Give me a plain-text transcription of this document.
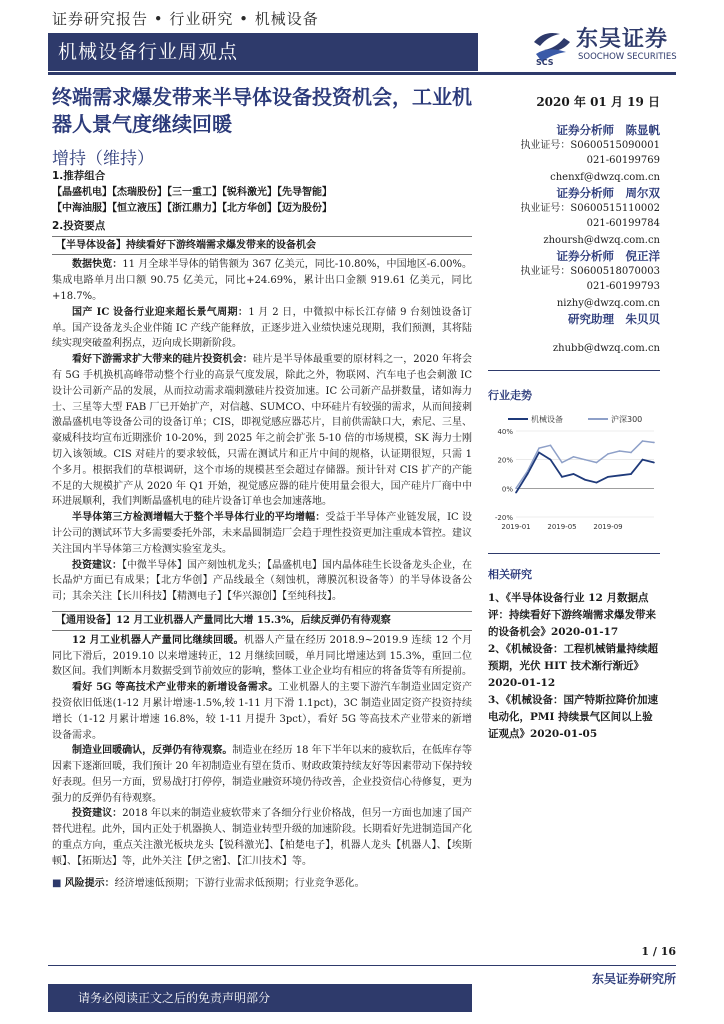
证券研究报告 • 行业研究 • 机械设备
机械设备行业周观点	SCS
东吴证券
SOOCHOW SECURITIES
终端需求爆发带来半导体设备投资机会，工业机器人景气度继续回暖
增持（维持）
1.推荐组合
【晶盛机电】【杰瑞股份】【三一重工】【锐科激光】【先导智能】
【中海油服】【恒立液压】【浙江鼎力】【北方华创】【迈为股份】
2.投资要点
【半导体设备】持续看好下游终端需求爆发带来的设备机会
数据快览：11 月全球半导体的销售额为 367 亿美元，同比-10.80%，中国地区-6.00%。集成电路单月出口额 90.75 亿美元，同比+24.69%，累计出口金额 919.61 亿美元，同比+18.7%。
国产 IC 设备行业迎来超长景气周期：1 月 2 日，中微拟中标长江存储 9 台刻蚀设备订单。国产设备龙头企业伴随 IC 产线产能释放，正逐步进入业绩快速兑现期，我们预测，其将陆续实现突破盈利拐点，迈向成长期新阶段。
看好下游需求扩大带来的硅片投资机会：硅片是半导体最重要的原材料之一，2020 年将会有 5G 手机换机高峰带动整个行业的高景气度发展，除此之外，物联网、汽车电子也会刺激 IC 设计公司新产品的发展，从而拉动需求端刺激硅片投资加速。IC 公司新产品拼数量，诸如海力士、三星等大型 FAB 厂已开始扩产，对信越、SUMCO、中环硅片有较强的需求，从而间接刺激晶盛机电等设备公司的设备订单；CIS，即视觉感应器芯片，目前供需缺口大，索尼、三星、豪威科技均宣布近期涨价 10-20%，到 2025 年之前会扩张 5-10 倍的市场规模，SK 海力士刚切入该领域。CIS 对硅片的要求较低，只需在测试片和正片中间的规格，认证期很短，只需 1 个多月。根据我们的草根调研，这个市场的规模甚至会超过存储器。预计针对 CIS 扩产的产能不足的大规模扩产从 2020 年 Q1 开始，视觉感应器的硅片使用量会很大，国产硅片厂商中中环进展顺利，我们判断晶盛机电的硅片设备订单也会加速落地。
半导体第三方检测增幅大于整个半导体行业的平均增幅：受益于半导体产业链发展，IC 设计公司的测试环节大多需要委托外部，未来晶圆制造厂会趋于理性投资更加注重成本管控。建议关注国内半导体第三方检测实验室龙头。
投资建议：【中微半导体】国产刻蚀机龙头；【晶盛机电】国内晶体硅生长设备龙头企业，在长晶炉方面已有成果；【北方华创】产品线最全（刻蚀机，薄膜沉积设备等）的半导体设备公司；其余关注【长川科技】【精测电子】【华兴源创】【至纯科技】。
【通用设备】12 月工业机器人产量同比大增 15.3%，后续反弹仍有待观察
12 月工业机器人产量同比继续回暖。机器人产量在经历 2018.9~2019.9 连续 12 个月同比下滑后，2019.10 以来增速转正，12 月继续回暖，单月同比增速达到 15.3%，重回二位数区间。我们判断本月数据受到节前效应的影响，整体工业企业均有相应的将备货等有所提前。
看好 5G 等高技术产业带来的新增设备需求。工业机器人的主要下游汽车制造业固定资产投资依旧低迷(1-12 月累计增速-1.5%,较 1-11 月下滑 1.1pct)，3C 制造业固定资产投资持续增长（1-12 月累计增速 16.8%，较 1-11 月提升 3pct），看好 5G 等高技术产业带来的新增设备需求。
制造业回暖确认，反弹仍有待观察。制造业在经历 18 年下半年以来的疲软后，在低库存等因素下逐渐回暖，我们预计 20 年初制造业有望在货币、财政政策持续友好等因素带动下保持较好表现。但另一方面，贸易战打打停停，制造业融资环境仍待改善，企业投资信心待修复，更为强力的反弹仍有待观察。
投资建议：2018 年以来的制造业疲软带来了各细分行业价格战，但另一方面也加速了国产替代进程。此外，国内正处于机器换人、制造业转型升级的加速阶段。长期看好先进制造国产化的重点方向，重点关注激光板块龙头【锐科激光】、【柏楚电子】，机器人龙头【机器人】、【埃斯顿】、【拓斯达】等，此外关注【伊之密】、【汇川技术】等。
■ 风险提示：经济增速低预期；下游行业需求低预期；行业竞争恶化。
2020 年 01 月 19 日
证券分析师　 陈显帆
执业证号：S0600515090001
021-60199769
chenxf@dwzq.com.cn
证券分析师　 周尔双
执业证号：S0600515110002
021-60199784
zhoursh@dwzq.com.cn
证券分析师　 倪正洋
执业证号：S0600518070003
021-60199793
nizhy@dwzq.com.cn
研究助理　 朱贝贝
zhubb@dwzq.com.cn
行业走势
机械设备	沪深300
40%
20%
0%
-20%
2019-01 2019-05 2019-09
相关研究
1、《半导体设备行业 12 月数据点评：持续看好下游终端需求爆发带来的设备机会》2020-01-17
2、《机械设备：工程机械销量持续超预期，光伏 HIT 技术渐行渐近》2020-01-12
3、《机械设备：国产特斯拉降价加速电动化，PMI 持续景气区间以上验证观点》2020-01-05
1 / 16
东吴证券研究所
请务必阅读正文之后的免责声明部分
